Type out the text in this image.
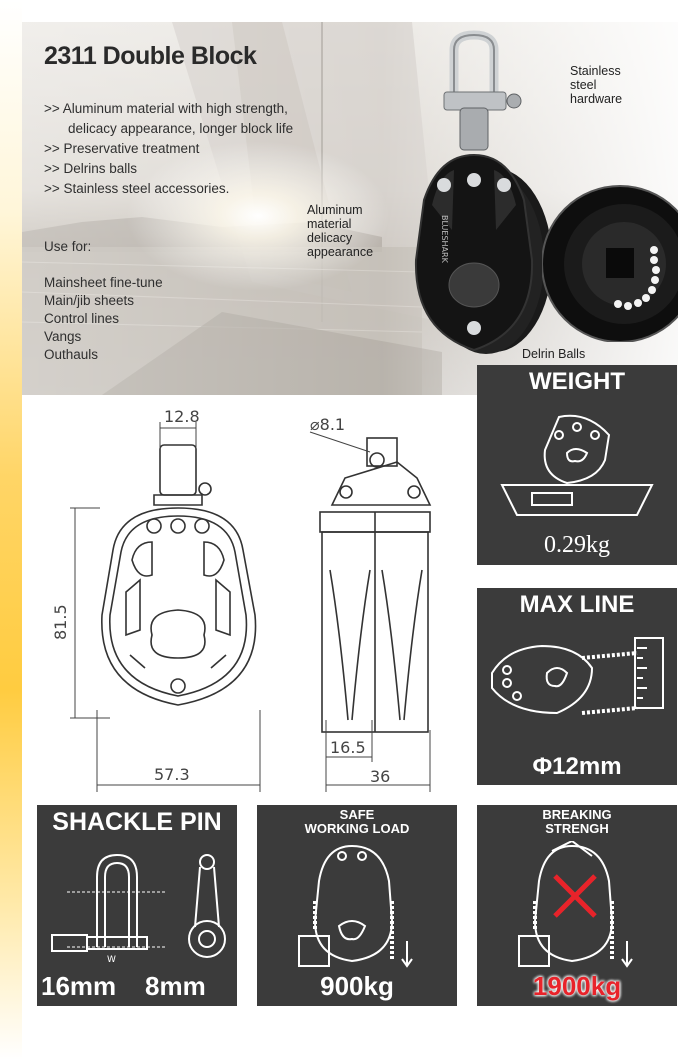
2311 Double Block
>> Aluminum material with high strength,
delicacy appearance, longer block life
>> Preservative treatment
>> Delrins balls
>> Stainless steel accessories.
Use for:
Mainsheet fine-tune
Main/jib sheets
Control lines
Vangs
Outhauls
Stainless
steel
hardware
Aluminum
material
delicacy
appearance
Delrin Balls
BLUESHARK
12.8	⌀8.1
81.5
57.3
16.5
36
WEIGHT
0.29kg
MAX LINE
Φ12mm
SHACKLE PIN
W
16mm 8mm
SAFE
WORKING LOAD
900kg
BREAKING
STRENGH
1900kg
